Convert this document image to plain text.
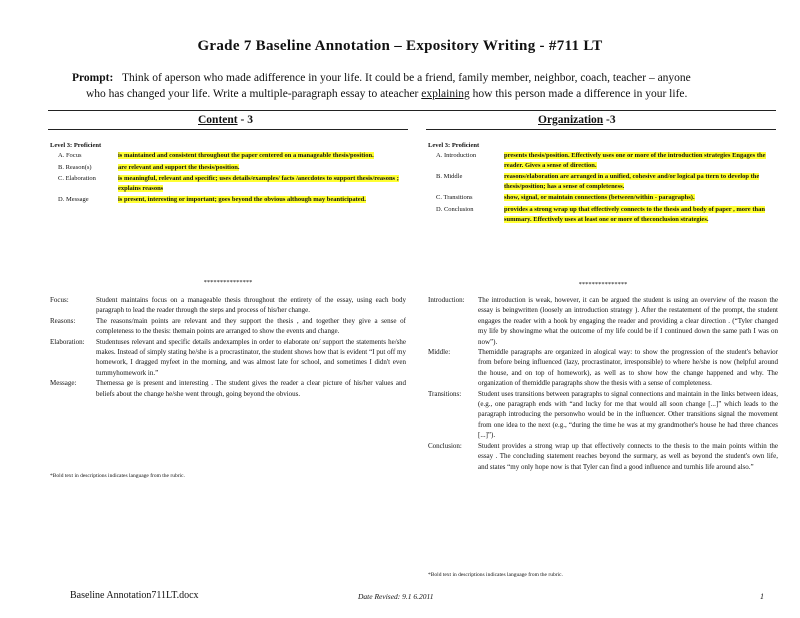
Grade 7 Baseline Annotation – Expository Writing - #711 LT
Prompt: Think of aperson who made adifference in your life. It could be a friend, family member, neighbor, coach, teacher – anyone
who has changed your life. Write a multiple-paragraph essay to ateacher explaining how this person made a difference in your life.
Content - 3	Organization -3
Level 3: Proficient
A. Focus	is maintained and consistent throughout the paper centered on a manageable thesis/position.
B. Reason(s)	are relevant and support the thesis/position.
C. Elaboration	is meaningful, relevant and specific; uses details/examples/ facts /anecdotes to support thesis/reasons ; explains reasons
D. Message	is present, interesting or important; goes beyond the obvious although may beanticipated.
***************
Focus:	Student maintains focus on a manageable thesis throughout the entirety of the essay, using each body paragraph to lead the reader through the steps and process of his/her change.
Reasons:	The reasons/main points are relevant and they support the thesis , and together they give a sense of completeness to the thesis: themain points are arranged to show the events and change.
Elaboration:	Studentuses relevant and specific details andexamples in order to elaborate on/ support the statements he/she makes. Instead of simply stating he/she is a procrastinator, the student shows how that is evident “I put off my homework, I dragged myfeet in the morning, and was almost late for school, and sometimes I didn't even turnmyhomework in.”
Message:	Themessa ge is present and interesting . The student gives the reader a clear picture of his/her values and beliefs about the change he/she went through, going beyond the obvious.
*Bold text in descriptions indicates language from the rubric.
Level 3: Proficient
A. Introduction	presents thesis/position. Effectively uses one or more of the introduction strategies Engages the reader. Gives a sense of direction.
B. Middle	reasons/elaboration are arranged in a unified, cohesive and/or logical pa ttern to develop the thesis/position; has a sense of completeness.
C. Transitions	show, signal, or maintain connections (between/within - paragraphs).
D. Conclusion	provides a strong wrap up that effectively connects to the thesis and body of paper , more than summary. Effectively uses at least one or more of theconclusion strategies.
***************
Introduction:	The introduction is weak, however, it can be argued the student is using an overview of the reason the essay is beingwritten (loosely an introduction strategy ). After the restatement of the prompt, the student engages the reader with a hook by engaging the reader and providing a clear direction . (“Tyler changed my life by showingme what the outcome of my life could be if I continued down the same path I was on now”).
Middle:	Themiddle paragraphs are organized in alogical way: to show the progression of the student's behavior from before being influenced (lazy, procrastinator, irresponsible) to where he/she is now (helpful around the house, and on top of homework), as well as to show how the change happened and why. The organization of themiddle paragraphs show the thesis with a sense of completeness.
Transitions:	Student uses transitions between paragraphs to signal connections and maintain in the links between ideas, (e.g., one paragraph ends with “and lucky for me that would all soon change [...]” which leads to the paragraph introducing the personwho would be in the influencer. Other transitions signal the movement from one idea to the next (e.g., “during the time he was at my grandmother's house he had three chances [...]”).
Conclusion:	Student provides a strong wrap up that effectively connects to the thesis to the main points within the essay . The concluding statement reaches beyond the surmary, as well as beyond the student's own life, and states “my only hope now is that Tyler can find a good influence and turnhis life around also.”
*Bold text in descriptions indicates language from the rubric.
Baseline Annotation711LT.docx	Date Revised: 9.1 6.2011	1
